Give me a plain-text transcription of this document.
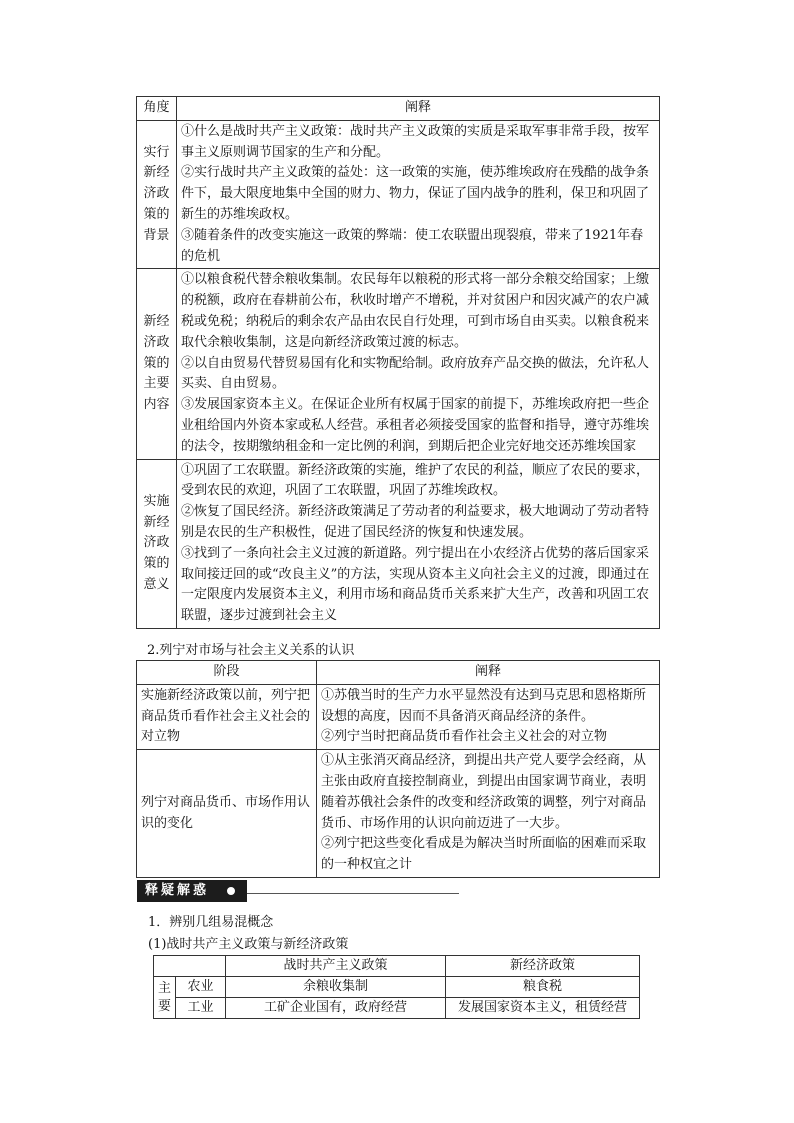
角度	阐释
实行新经济政策的背景	①什么是战时共产主义政策：战时共产主义政策的实质是采取军事非常手段，按军事主义原则调节国家的生产和分配。

②实行战时共产主义政策的益处：这一政策的实施，使苏维埃政府在残酷的战争条件下，最大限度地集中全国的财力、物力，保证了国内战争的胜利，保卫和巩固了新生的苏维埃政权。

③随着条件的改变实施这一政策的弊端：使工农联盟出现裂痕，带来了1921年春的危机

新经济政策的主要内容	①以粮食税代替余粮收集制。农民每年以粮税的形式将一部分余粮交给国家；上缴的税额，政府在春耕前公布，秋收时增产不增税，并对贫困户和因灾减产的农户减税或免税；纳税后的剩余农产品由农民自行处理，可到市场自由买卖。以粮食税来取代余粮收集制，这是向新经济政策过渡的标志。

②以自由贸易代替贸易国有化和实物配给制。政府放弃产品交换的做法，允许私人买卖、自由贸易。

③发展国家资本主义。在保证企业所有权属于国家的前提下，苏维埃政府把一些企业租给国内外资本家或私人经营。承租者必须接受国家的监督和指导，遵守苏维埃的法令，按期缴纳租金和一定比例的利润，到期后把企业完好地交还苏维埃国家

实施新经济政策的意义	①巩固了工农联盟。新经济政策的实施，维护了农民的利益，顺应了农民的要求，受到农民的欢迎，巩固了工农联盟，巩固了苏维埃政权。

②恢复了国民经济。新经济政策满足了劳动者的利益要求，极大地调动了劳动者特别是农民的生产积极性，促进了国民经济的恢复和快速发展。

③找到了一条向社会主义过渡的新道路。列宁提出在小农经济占优势的落后国家采取间接迂回的或“改良主义”的方法，实现从资本主义向社会主义的过渡，即通过在一定限度内发展资本主义，利用市场和商品货币关系来扩大生产，改善和巩固工农联盟，逐步过渡到社会主义

2.列宁对市场与社会主义关系的认识
阶段	阐释
实施新经济政策以前，列宁把商品货币看作社会主义社会的对立物	①苏俄当时的生产力水平显然没有达到马克思和恩格斯所设想的高度，因而不具备消灭商品经济的条件。

②列宁当时把商品货币看作社会主义社会的对立物

列宁对商品货币、市场作用认识的变化	①从主张消灭商品经济，到提出共产党人要学会经商，从主张由政府直接控制商业，到提出由国家调节商业，表明随着苏俄社会条件的改变和经济政策的调整，列宁对商品货币、市场作用的认识向前迈进了一大步。

②列宁把这些变化看成是为解决当时所面临的困难而采取的一种权宜之计

释疑解惑
1．辨别几组易混概念
(1)战时共产主义政策与新经济政策
		战时共产主义政策	新经济政策
主要	农业	余粮收集制	粮食税
	工业	工矿企业国有，政府经营	发展国家资本主义，租赁经营
